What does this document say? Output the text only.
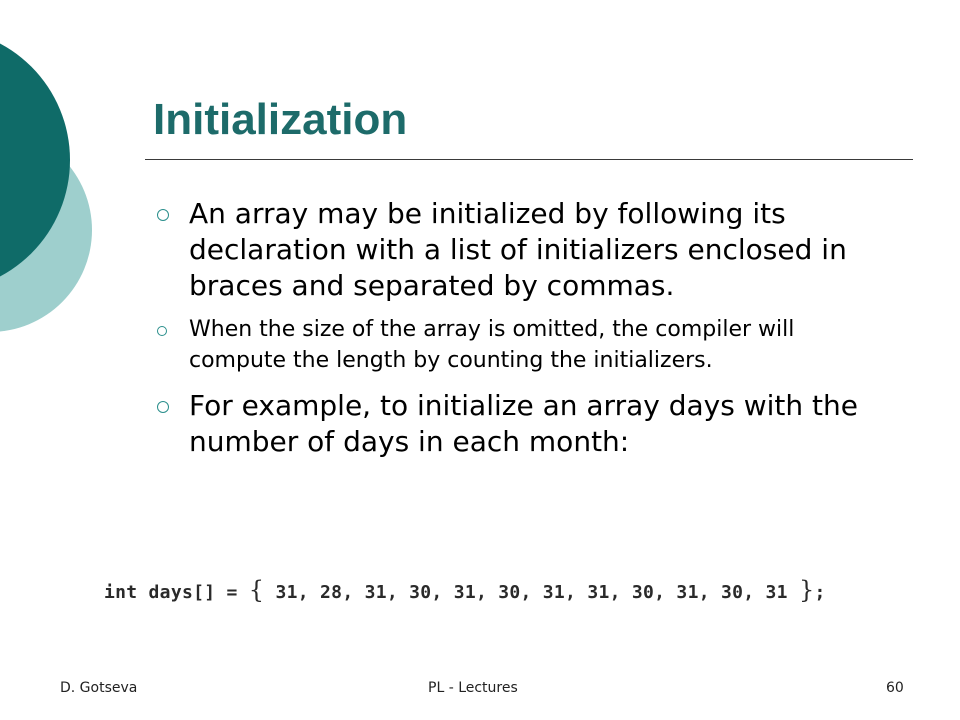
Initialization
An array may be initialized by following its declaration with a list of initializers enclosed in braces and separated by commas.
When the size of the array is omitted, the compiler will compute the length by counting the initializers.
For example, to initialize an array days with the number of days in each month:
int days[] = { 31, 28, 31, 30, 31, 30, 31, 31, 30, 31, 30, 31 };
D. Gotseva	PL - Lectures	60
